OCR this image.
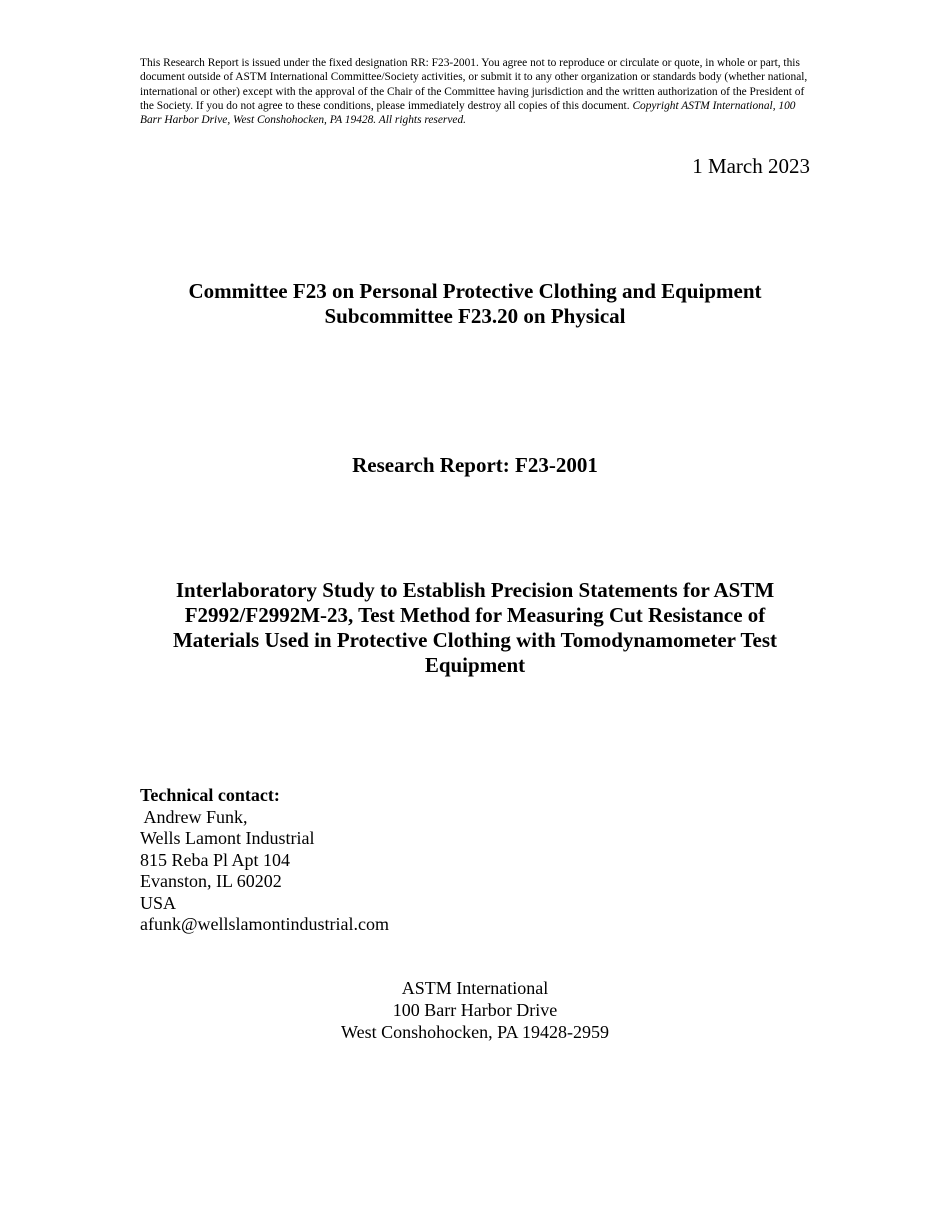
This Research Report is issued under the fixed designation RR: F23-2001. You agree not to reproduce or circulate or quote, in whole or part, this document outside of ASTM International Committee/Society activities, or submit it to any other organization or standards body (whether national, international or other) except with the approval of the Chair of the Committee having jurisdiction and the written authorization of the President of the Society. If you do not agree to these conditions, please immediately destroy all copies of this document. Copyright ASTM International, 100 Barr Harbor Drive, West Conshohocken, PA 19428. All rights reserved.
1 March 2023
Committee F23 on Personal Protective Clothing and Equipment
Subcommittee F23.20 on Physical
Research Report: F23-2001
Interlaboratory Study to Establish Precision Statements for ASTM
F2992/F2992M-23, Test Method for Measuring Cut Resistance of
Materials Used in Protective Clothing with Tomodynamometer Test
Equipment
Technical contact:
Andrew Funk,
Wells Lamont Industrial
815 Reba Pl Apt 104
Evanston, IL 60202
USA
afunk@wellslamontindustrial.com
ASTM International
100 Barr Harbor Drive
West Conshohocken, PA 19428-2959
